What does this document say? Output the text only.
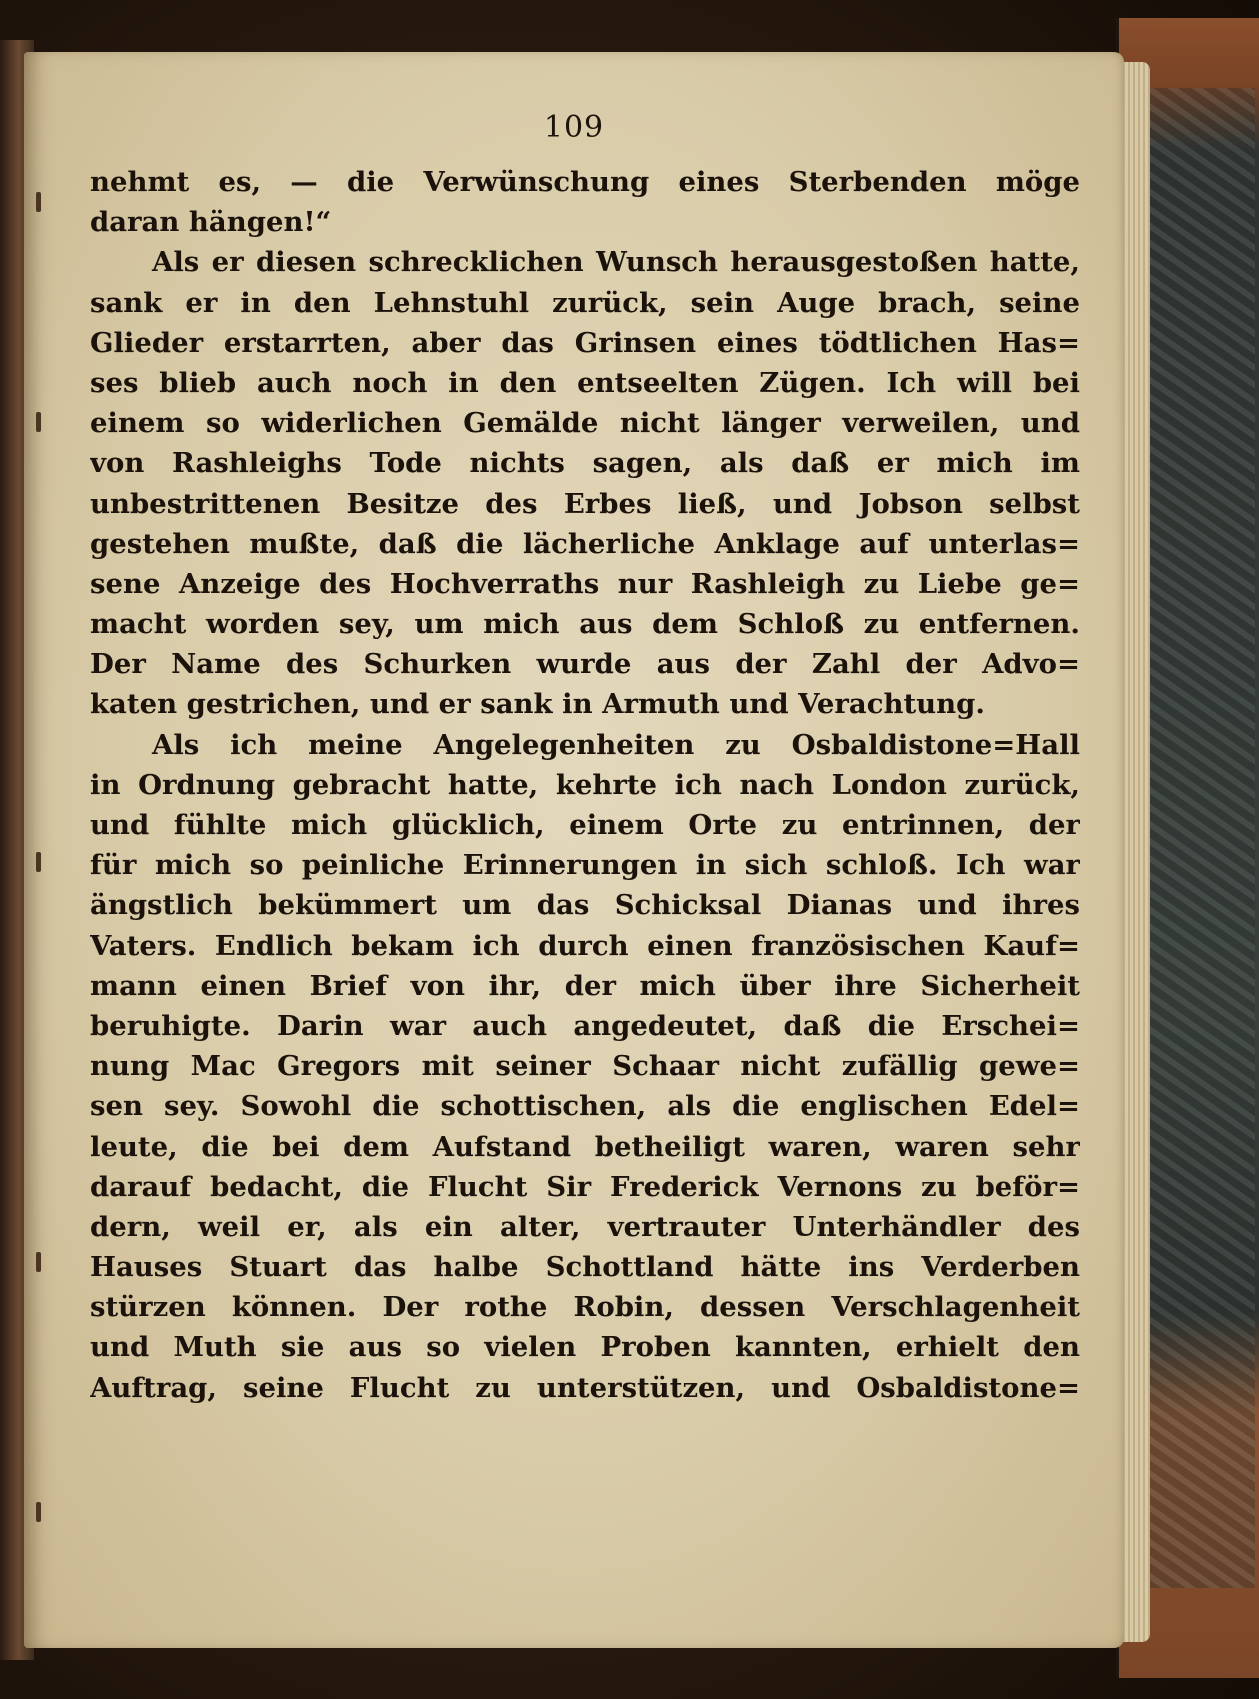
109
nehmt es, — die Verwünschung eines Sterbenden möge
daran hängen!“
Als er diesen schrecklichen Wunsch herausgestoßen hatte,
sank er in den Lehnstuhl zurück, sein Auge brach, seine
Glieder erstarrten, aber das Grinsen eines tödtlichen Has=
ses blieb auch noch in den entseelten Zügen. Ich will bei
einem so widerlichen Gemälde nicht länger verweilen, und
von Rashleighs Tode nichts sagen, als daß er mich im
unbestrittenen Besitze des Erbes ließ, und Jobson selbst
gestehen mußte, daß die lächerliche Anklage auf unterlas=
sene Anzeige des Hochverraths nur Rashleigh zu Liebe ge=
macht worden sey, um mich aus dem Schloß zu entfernen.
Der Name des Schurken wurde aus der Zahl der Advo=
katen gestrichen, und er sank in Armuth und Verachtung.
Als ich meine Angelegenheiten zu Osbaldistone=Hall
in Ordnung gebracht hatte, kehrte ich nach London zurück,
und fühlte mich glücklich, einem Orte zu entrinnen, der
für mich so peinliche Erinnerungen in sich schloß. Ich war
ängstlich bekümmert um das Schicksal Dianas und ihres
Vaters. Endlich bekam ich durch einen französischen Kauf=
mann einen Brief von ihr, der mich über ihre Sicherheit
beruhigte. Darin war auch angedeutet, daß die Erschei=
nung Mac Gregors mit seiner Schaar nicht zufällig gewe=
sen sey. Sowohl die schottischen, als die englischen Edel=
leute, die bei dem Aufstand betheiligt waren, waren sehr
darauf bedacht, die Flucht Sir Frederick Vernons zu beför=
dern, weil er, als ein alter, vertrauter Unterhändler des
Hauses Stuart das halbe Schottland hätte ins Verderben
stürzen können. Der rothe Robin, dessen Verschlagenheit
und Muth sie aus so vielen Proben kannten, erhielt den
Auftrag, seine Flucht zu unterstützen, und Osbaldistone=
